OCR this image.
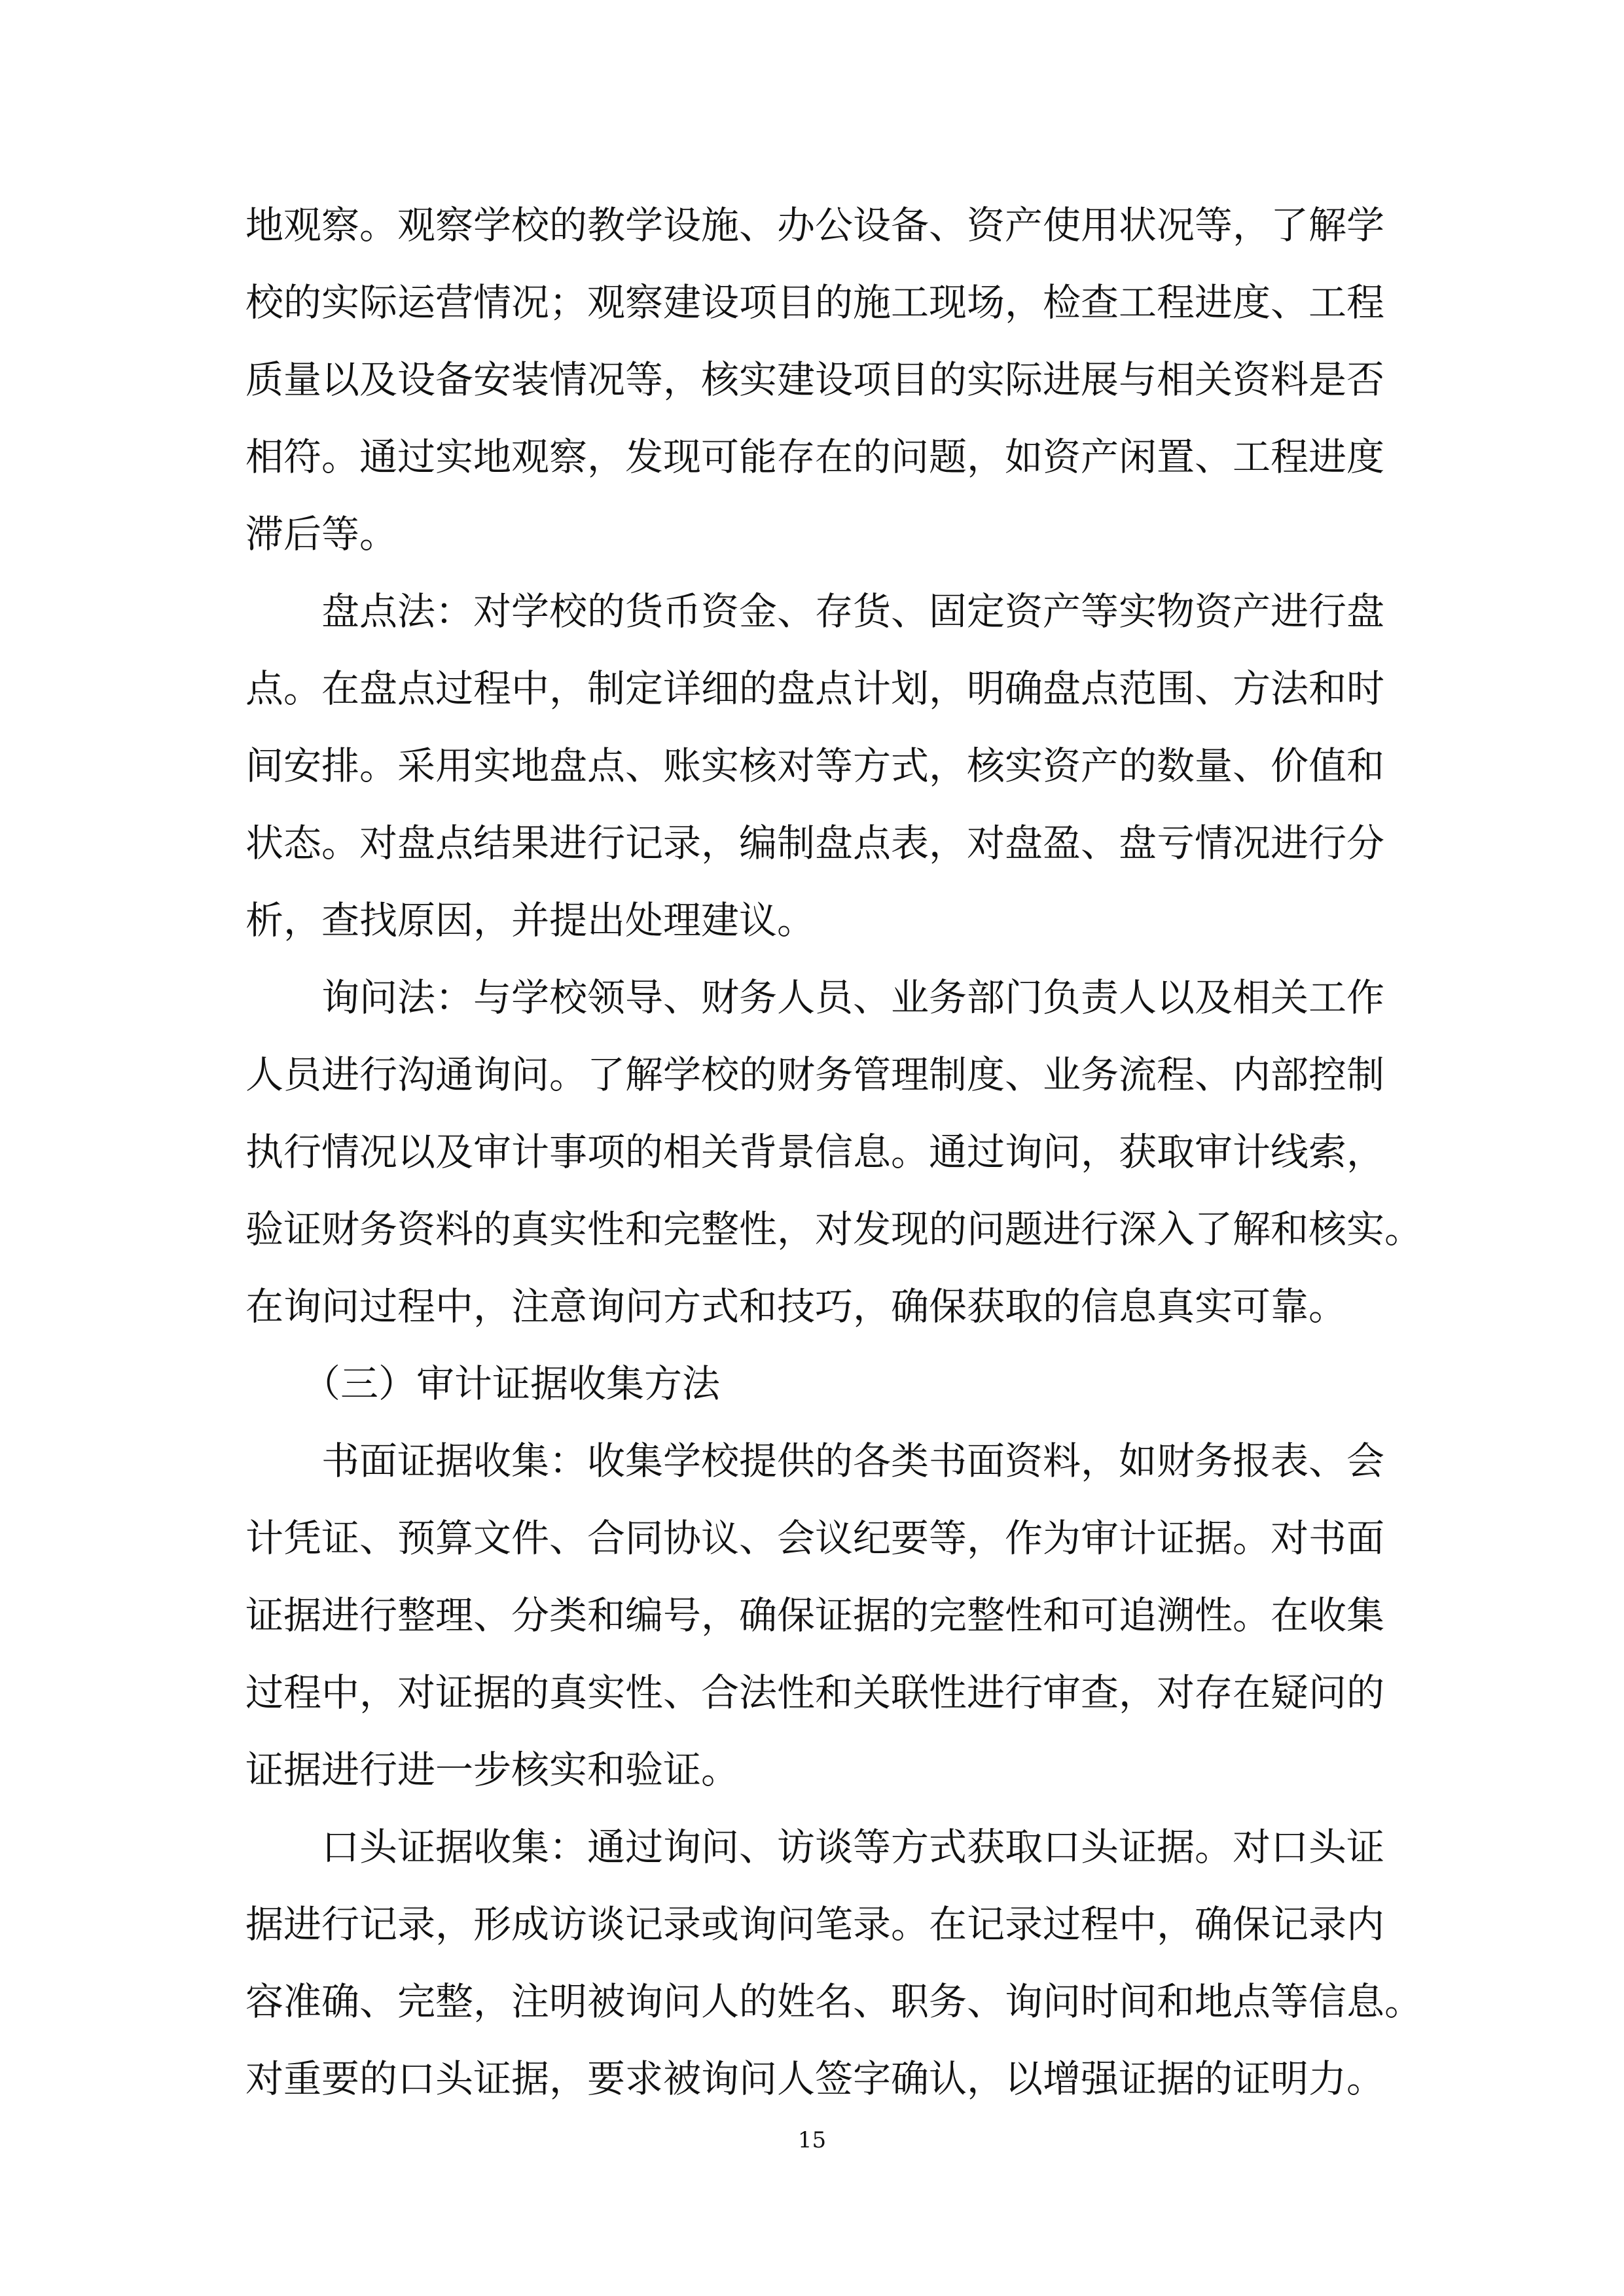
地观察。观察学校的教学设施、办公设备、资产使用状况等，了解学
校的实际运营情况；观察建设项目的施工现场，检查工程进度、工程
质量以及设备安装情况等，核实建设项目的实际进展与相关资料是否
相符。通过实地观察，发现可能存在的问题，如资产闲置、工程进度
滞后等。
　　盘点法：对学校的货币资金、存货、固定资产等实物资产进行盘
点。在盘点过程中，制定详细的盘点计划，明确盘点范围、方法和时
间安排。采用实地盘点、账实核对等方式，核实资产的数量、价值和
状态。对盘点结果进行记录，编制盘点表，对盘盈、盘亏情况进行分
析，查找原因，并提出处理建议。
　　询问法：与学校领导、财务人员、业务部门负责人以及相关工作
人员进行沟通询问。了解学校的财务管理制度、业务流程、内部控制
执行情况以及审计事项的相关背景信息。通过询问，获取审计线索，
验证财务资料的真实性和完整性，对发现的问题进行深入了解和核实。
在询问过程中，注意询问方式和技巧，确保获取的信息真实可靠。
　　（三）审计证据收集方法
　　书面证据收集：收集学校提供的各类书面资料，如财务报表、会
计凭证、预算文件、合同协议、会议纪要等，作为审计证据。对书面
证据进行整理、分类和编号，确保证据的完整性和可追溯性。在收集
过程中，对证据的真实性、合法性和关联性进行审查，对存在疑问的
证据进行进一步核实和验证。
　　口头证据收集：通过询问、访谈等方式获取口头证据。对口头证
据进行记录，形成访谈记录或询问笔录。在记录过程中，确保记录内
容准确、完整，注明被询问人的姓名、职务、询问时间和地点等信息。
对重要的口头证据，要求被询问人签字确认，以增强证据的证明力。
15
